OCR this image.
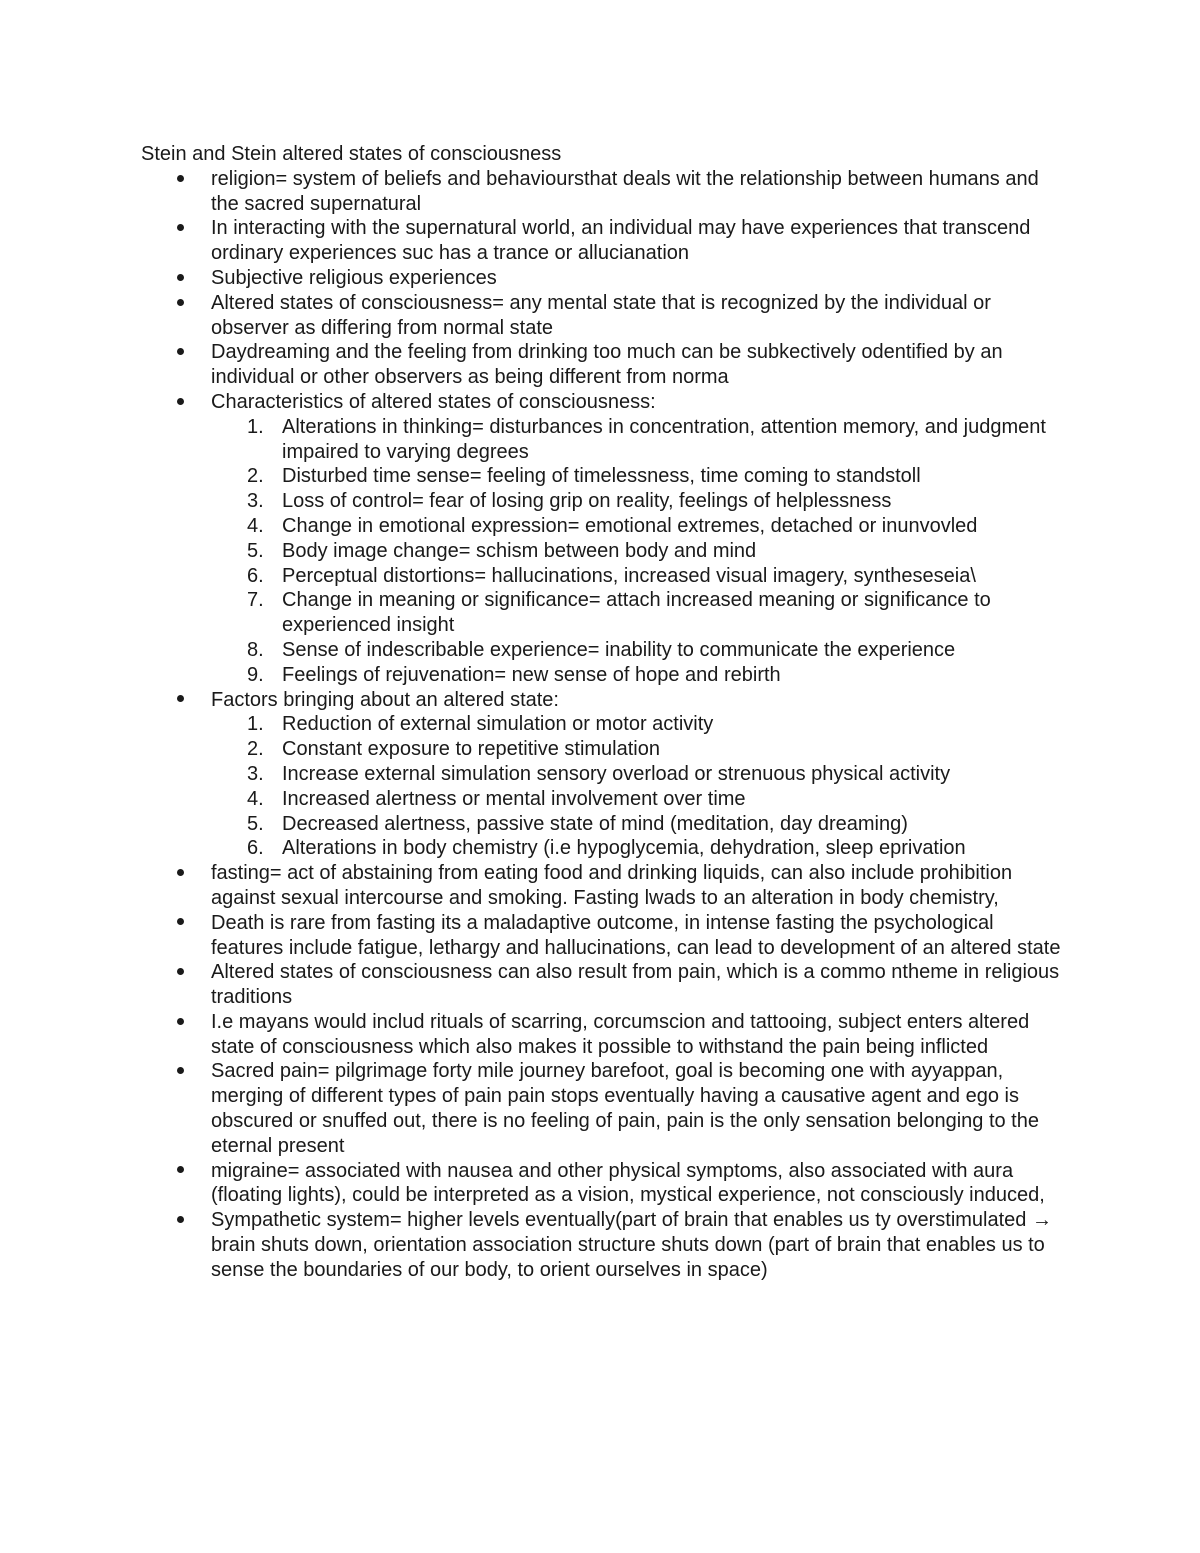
Stein and Stein altered states of consciousness
religion= system of beliefs and behavioursthat deals wit the relationship between humans and the sacred supernatural
In interacting with the supernatural world, an individual may have experiences that transcend ordinary experiences suc has a trance or allucianation
Subjective religious experiences
Altered states of consciousness= any mental state that is recognized by the individual or observer as differing from normal state
Daydreaming and the feeling from drinking too much can be subkectively odentified by an individual or other observers as being different from norma
Characteristics of altered states of consciousness:
1. Alterations in thinking= disturbances in concentration, attention memory, and judgment impaired to varying degrees
2. Disturbed time sense= feeling of timelessness, time coming to standstoll
3. Loss of control= fear of losing grip on reality, feelings of helplessness
4. Change in emotional expression= emotional extremes, detached or inunvovled
5. Body image change= schism between body and mind
6. Perceptual distortions= hallucinations, increased visual imagery, syntheseseia\
7. Change in meaning or significance= attach increased meaning or significance to experienced insight
8. Sense of indescribable experience= inability to communicate the experience
9. Feelings of rejuvenation= new sense of hope and rebirth
Factors bringing about an altered state:
1. Reduction of external simulation or motor activity
2. Constant exposure to repetitive stimulation
3. Increase external simulation sensory overload or strenuous physical activity
4. Increased alertness or mental involvement over time
5. Decreased alertness, passive state of mind (meditation, day dreaming)
6. Alterations in body chemistry (i.e hypoglycemia, dehydration, sleep eprivation
fasting= act of abstaining from eating food and drinking liquids, can also include prohibition against sexual intercourse and smoking. Fasting lwads to an alteration in body chemistry,
Death is rare from fasting its a maladaptive outcome, in intense fasting the psychological features include fatigue, lethargy and hallucinations, can lead to development of an altered state
Altered states of consciousness can also result from pain, which is a commo ntheme in religious traditions
I.e mayans would includ rituals of scarring, corcumscion and tattooing, subject enters altered state of consciousness which also makes it possible to withstand the pain being inflicted
Sacred pain= pilgrimage forty mile journey barefoot, goal is becoming one with ayyappan, merging of different types of pain pain stops eventually having a causative agent and ego is obscured or snuffed out, there is no feeling of pain, pain is the only sensation belonging to the eternal present
migraine= associated with nausea and other physical symptoms, also associated with aura (floating lights), could be interpreted as a vision, mystical experience, not consciously induced,
Sympathetic system= higher levels eventually(part of brain that enables us ty overstimulated → brain shuts down, orientation association structure shuts down (part of brain that enables us to sense the boundaries of our body, to orient ourselves in space)
